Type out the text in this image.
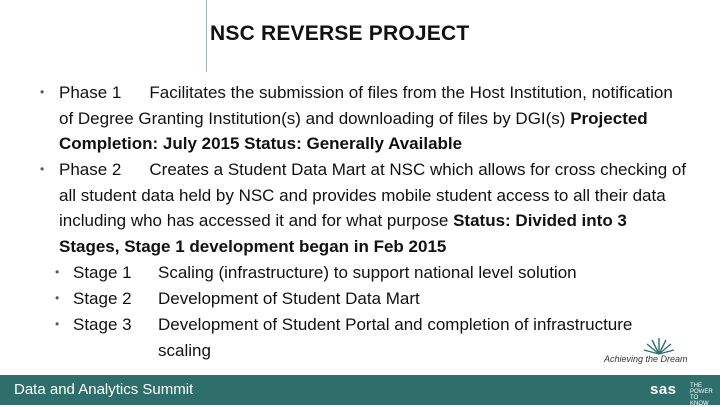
NSC REVERSE PROJECT
• Phase 1 Facilitates the submission of files from the Host Institution, notification of Degree Granting Institution(s) and downloading of files by DGI(s) Projected Completion: July 2015 Status: Generally Available
• Phase 2 Creates a Student Data Mart at NSC which allows for cross checking of all student data held by NSC and provides mobile student access to all their data including who has accessed it and for what purpose Status: Divided into 3 Stages, Stage 1 development began in Feb 2015
• Stage 1 Scaling (infrastructure) to support national level solution
• Stage 2 Development of Student Data Mart
• Stage 3 Development of Student Portal and completion of infrastructure
scaling	Achieving the Dream
Data and Analytics Summit	sas THE POWER TO KNOW
